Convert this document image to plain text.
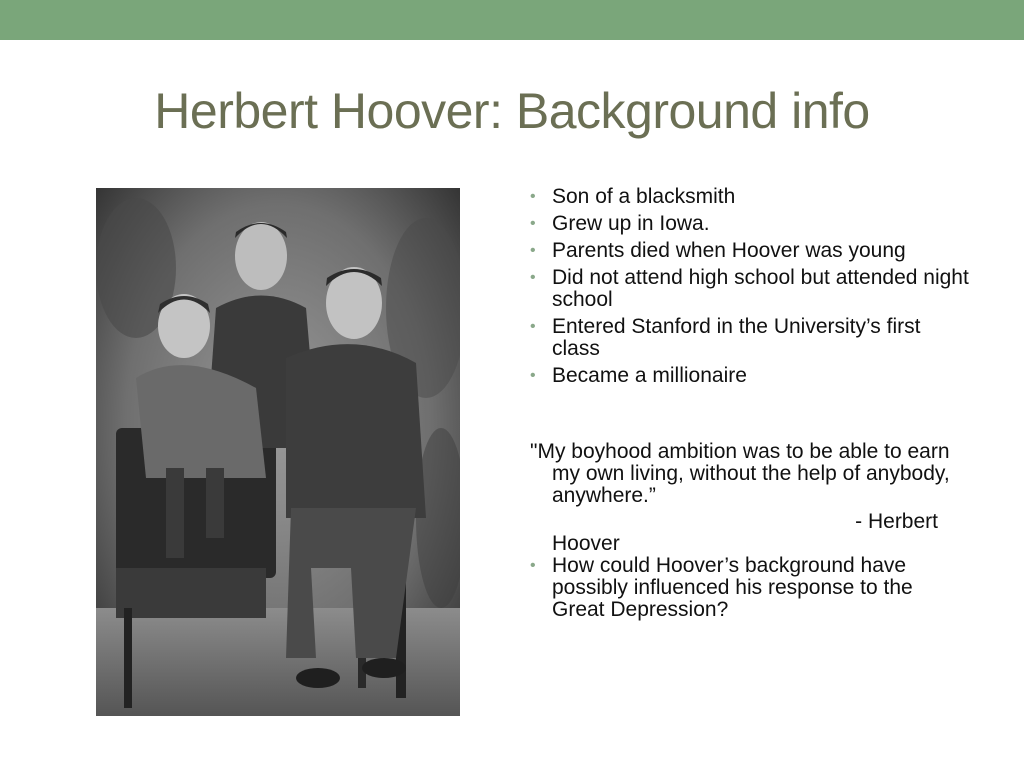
Herbert Hoover: Background info
• Son of a blacksmith
• Grew up in Iowa.
• Parents died when Hoover was young
• Did not attend high school but attended night school
• Entered Stanford in the University’s first class
• Became a millionaire
"My boyhood ambition was to be able to earn my own living, without the help of anybody, anywhere.”
- Herbert
Hoover
• How could Hoover’s background have possibly influenced his response to the Great Depression?
